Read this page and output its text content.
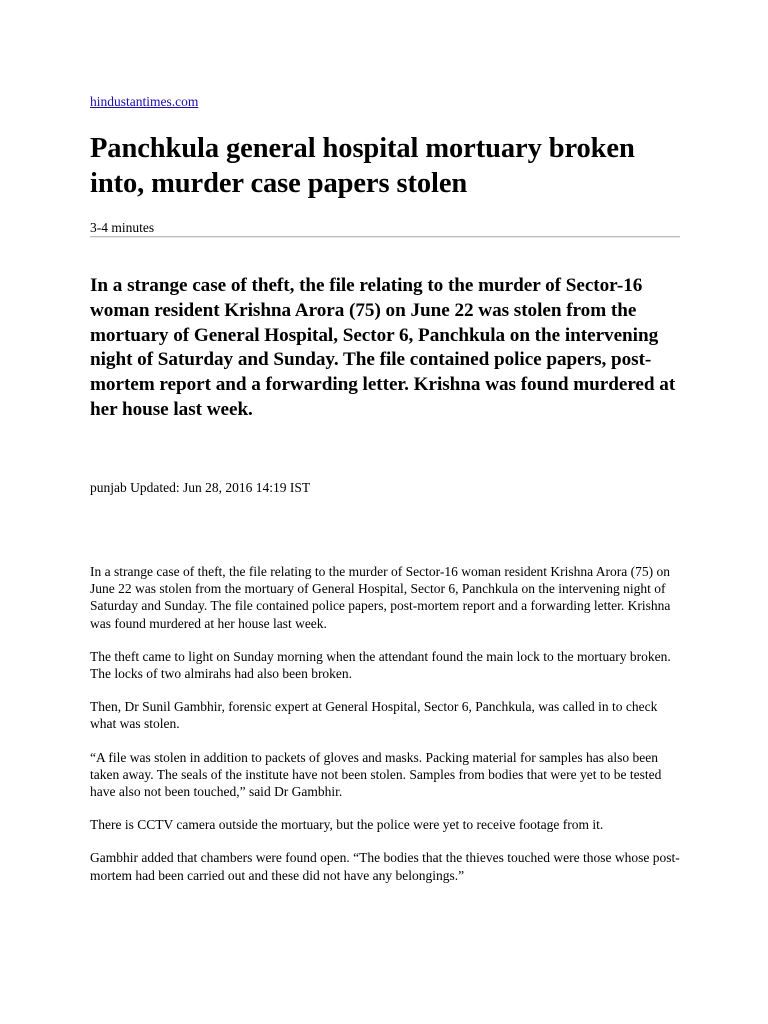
hindustantimes.com
Panchkula general hospital mortuary broken into, murder case papers stolen
3-4 minutes

In a strange case of theft, the file relating to the murder of Sector-16 woman resident Krishna Arora (75) on June 22 was stolen from the mortuary of General Hospital, Sector 6, Panchkula on the intervening night of Saturday and Sunday. The file contained police papers, post-mortem report and a forwarding letter. Krishna was found murdered at her house last week.

punjab Updated: Jun 28, 2016 14:19 IST

In a strange case of theft, the file relating to the murder of Sector-16 woman resident Krishna Arora (75) on June 22 was stolen from the mortuary of General Hospital, Sector 6, Panchkula on the intervening night of Saturday and Sunday. The file contained police papers, post-mortem report and a forwarding letter. Krishna was found murdered at her house last week.

The theft came to light on Sunday morning when the attendant found the main lock to the mortuary broken. The locks of two almirahs had also been broken.

Then, Dr Sunil Gambhir, forensic expert at General Hospital, Sector 6, Panchkula, was called in to check what was stolen.

“A file was stolen in addition to packets of gloves and masks. Packing material for samples has also been taken away. The seals of the institute have not been stolen. Samples from bodies that were yet to be tested have also not been touched,” said Dr Gambhir.

There is CCTV camera outside the mortuary, but the police were yet to receive footage from it.

Gambhir added that chambers were found open. “The bodies that the thieves touched were those whose post-mortem had been carried out and these did not have any belongings.”
